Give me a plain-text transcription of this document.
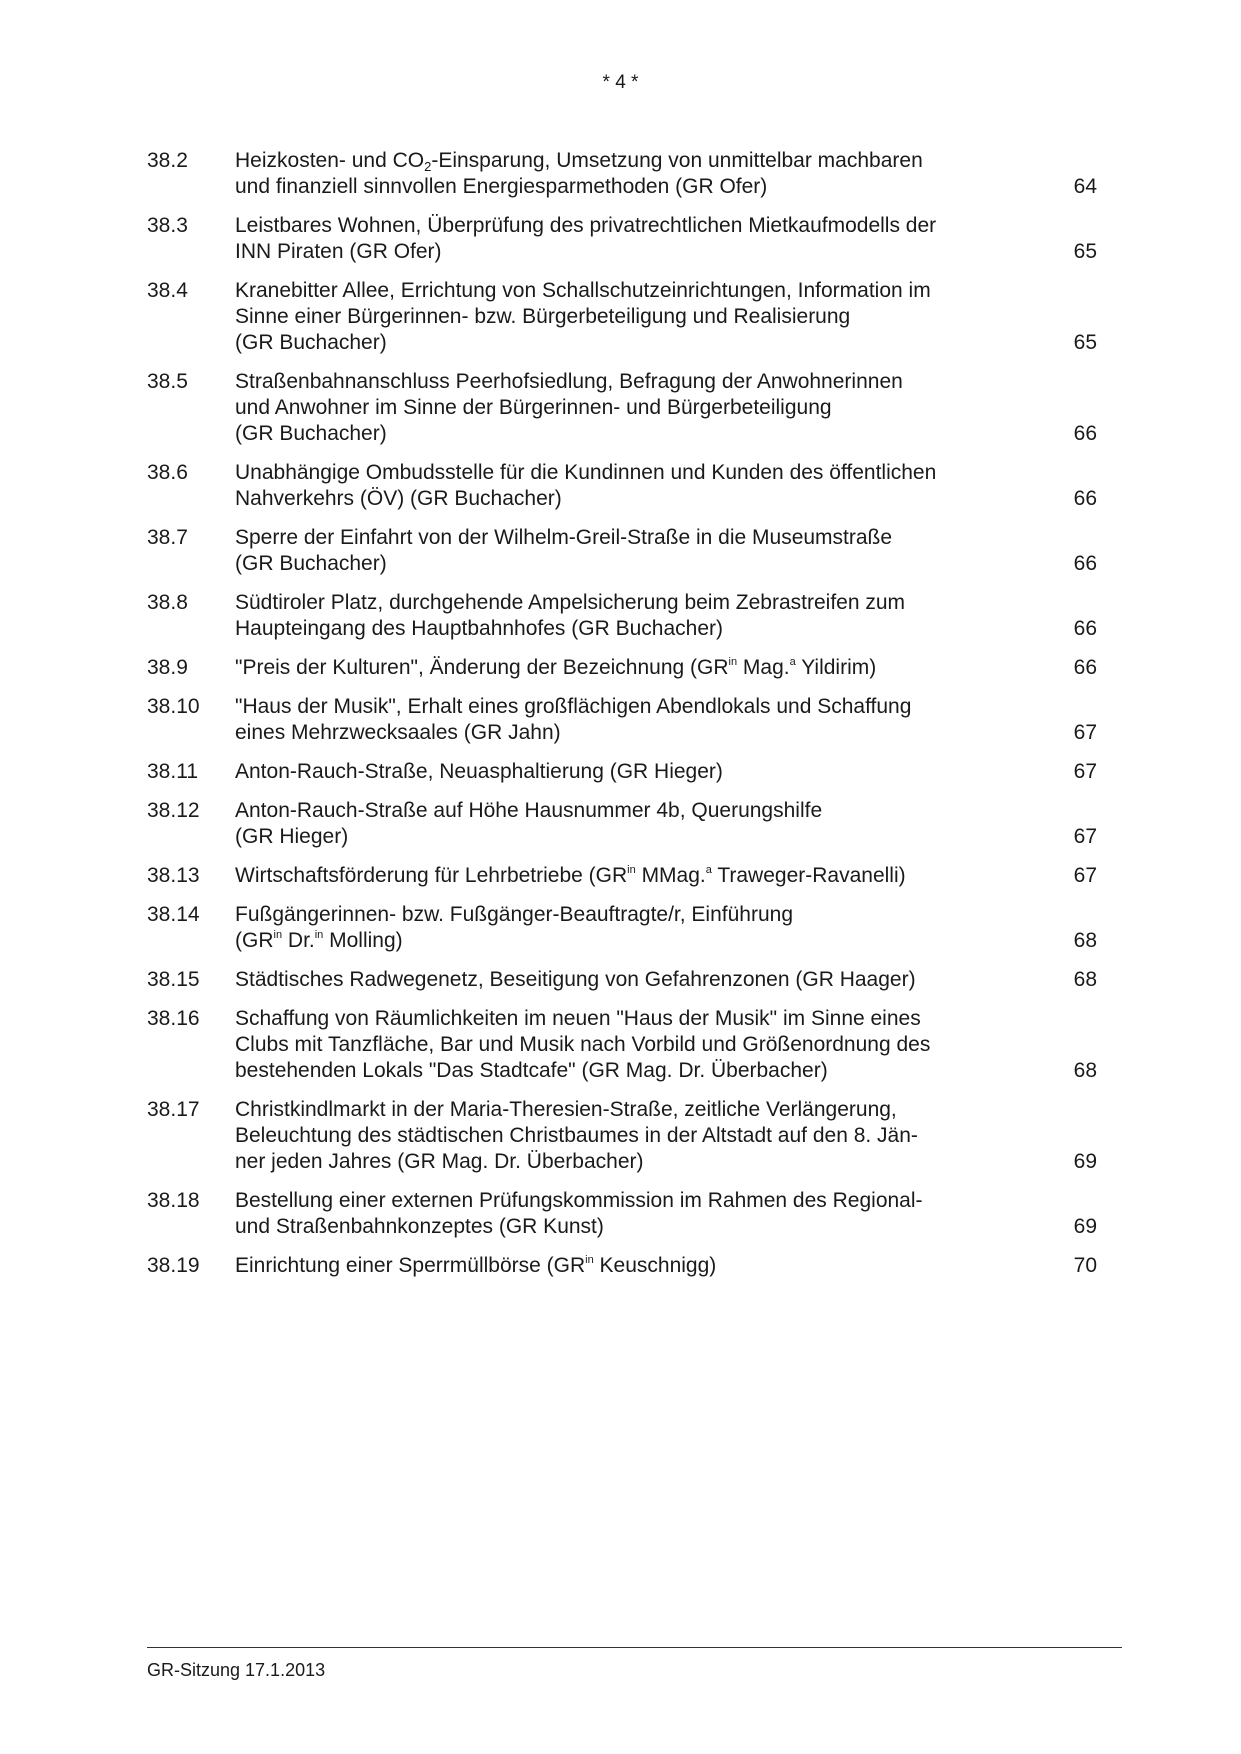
* 4 *
38.2	Heizkosten- und $CO_2$-Einsparung, Umsetzung von unmittelbar machbaren
und finanziell sinnvollen Energiesparmethoden (GR Ofer)	64
38.3	Leistbares Wohnen, Überprüfung des privatrechtlichen Mietkaufmodells der
INN Piraten (GR Ofer)	65
38.4	Kranebitter Allee, Errichtung von Schallschutzeinrichtungen, Information im
Sinne einer Bürgerinnen- bzw. Bürgerbeteiligung und Realisierung
(GR Buchacher)	65
38.5	Straßenbahnanschluss Peerhofsiedlung, Befragung der Anwohnerinnen
und Anwohner im Sinne der Bürgerinnen- und Bürgerbeteiligung
(GR Buchacher)	66
38.6	Unabhängige Ombudsstelle für die Kundinnen und Kunden des öffentlichen
Nahverkehrs (ÖV) (GR Buchacher)	66
38.7	Sperre der Einfahrt von der Wilhelm-Greil-Straße in die Museumstraße
(GR Buchacher)	66
38.8	Südtiroler Platz, durchgehende Ampelsicherung beim Zebrastreifen zum
Haupteingang des Hauptbahnhofes (GR Buchacher)	66
38.9	"Preis der Kulturen", Änderung der Bezeichnung ($GR^{in}$ Mag.$^a$ Yildirim)	66
38.10	"Haus der Musik", Erhalt eines großflächigen Abendlokals und Schaffung
eines Mehrzwecksaales (GR Jahn)	67
38.11	Anton-Rauch-Straße, Neuasphaltierung (GR Hieger)	67
38.12	Anton-Rauch-Straße auf Höhe Hausnummer 4b, Querungshilfe
(GR Hieger)	67
38.13	Wirtschaftsförderung für Lehrbetriebe ($GR^{in}$ MMag.$^a$ Traweger-Ravanelli)	67
38.14	Fußgängerinnen- bzw. Fußgänger-Beauftragte/r, Einführung
($GR^{in}$ Dr.$^{in}$ Molling)	68
38.15	Städtisches Radwegenetz, Beseitigung von Gefahrenzonen (GR Haager)	68
38.16	Schaffung von Räumlichkeiten im neuen "Haus der Musik" im Sinne eines
Clubs mit Tanzfläche, Bar und Musik nach Vorbild und Größenordnung des
bestehenden Lokals "Das Stadtcafe" (GR Mag. Dr. Überbacher)	68
38.17	Christkindlmarkt in der Maria-Theresien-Straße, zeitliche Verlängerung,
Beleuchtung des städtischen Christbaumes in der Altstadt auf den 8. Jän-
ner jeden Jahres (GR Mag. Dr. Überbacher)	69
38.18	Bestellung einer externen Prüfungskommission im Rahmen des Regional-
und Straßenbahnkonzeptes (GR Kunst)	69
38.19	Einrichtung einer Sperrmüllbörse ($GR^{in}$ Keuschnigg)	70
GR-Sitzung 17.1.2013
